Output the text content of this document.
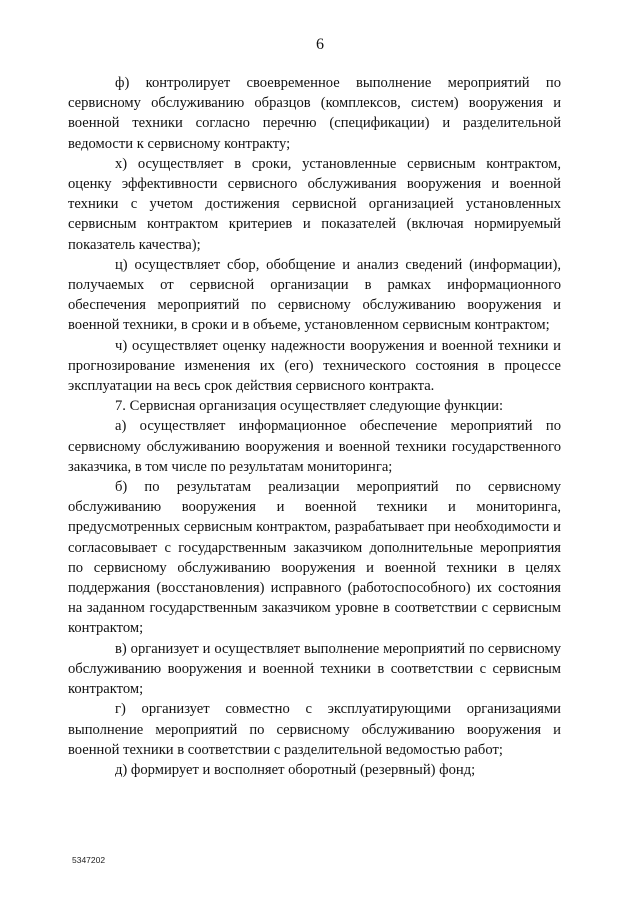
6

ф) контролирует своевременное выполнение мероприятий по сервисному обслуживанию образцов (комплексов, систем) вооружения и военной техники согласно перечню (спецификации) и разделительной ведомости к сервисному контракту;

х) осуществляет в сроки, установленные сервисным контрактом, оценку эффективности сервисного обслуживания вооружения и военной техники с учетом достижения сервисной организацией установленных сервисным контрактом критериев и показателей (включая нормируемый показатель качества);

ц) осуществляет сбор, обобщение и анализ сведений (информации), получаемых от сервисной организации в рамках информационного обеспечения мероприятий по сервисному обслуживанию вооружения и военной техники, в сроки и в объеме, установленном сервисным контрактом;

ч) осуществляет оценку надежности вооружения и военной техники и прогнозирование изменения их (его) технического состояния в процессе эксплуатации на весь срок действия сервисного контракта.

7. Сервисная организация осуществляет следующие функции:

а) осуществляет информационное обеспечение мероприятий по сервисному обслуживанию вооружения и военной техники государственного заказчика, в том числе по результатам мониторинга;

б) по результатам реализации мероприятий по сервисному обслуживанию вооружения и военной техники и мониторинга, предусмотренных сервисным контрактом, разрабатывает при необходимости и согласовывает с государственным заказчиком дополнительные мероприятия по сервисному обслуживанию вооружения и военной техники в целях поддержания (восстановления) исправного (работоспособного) их состояния на заданном государственным заказчиком уровне в соответствии с сервисным контрактом;

в) организует и осуществляет выполнение мероприятий по сервисному обслуживанию вооружения и военной техники в соответствии с сервисным контрактом;

г) организует совместно с эксплуатирующими организациями выполнение мероприятий по сервисному обслуживанию вооружения и военной техники в соответствии с разделительной ведомостью работ;

д) формирует и восполняет оборотный (резервный) фонд;

5347202
